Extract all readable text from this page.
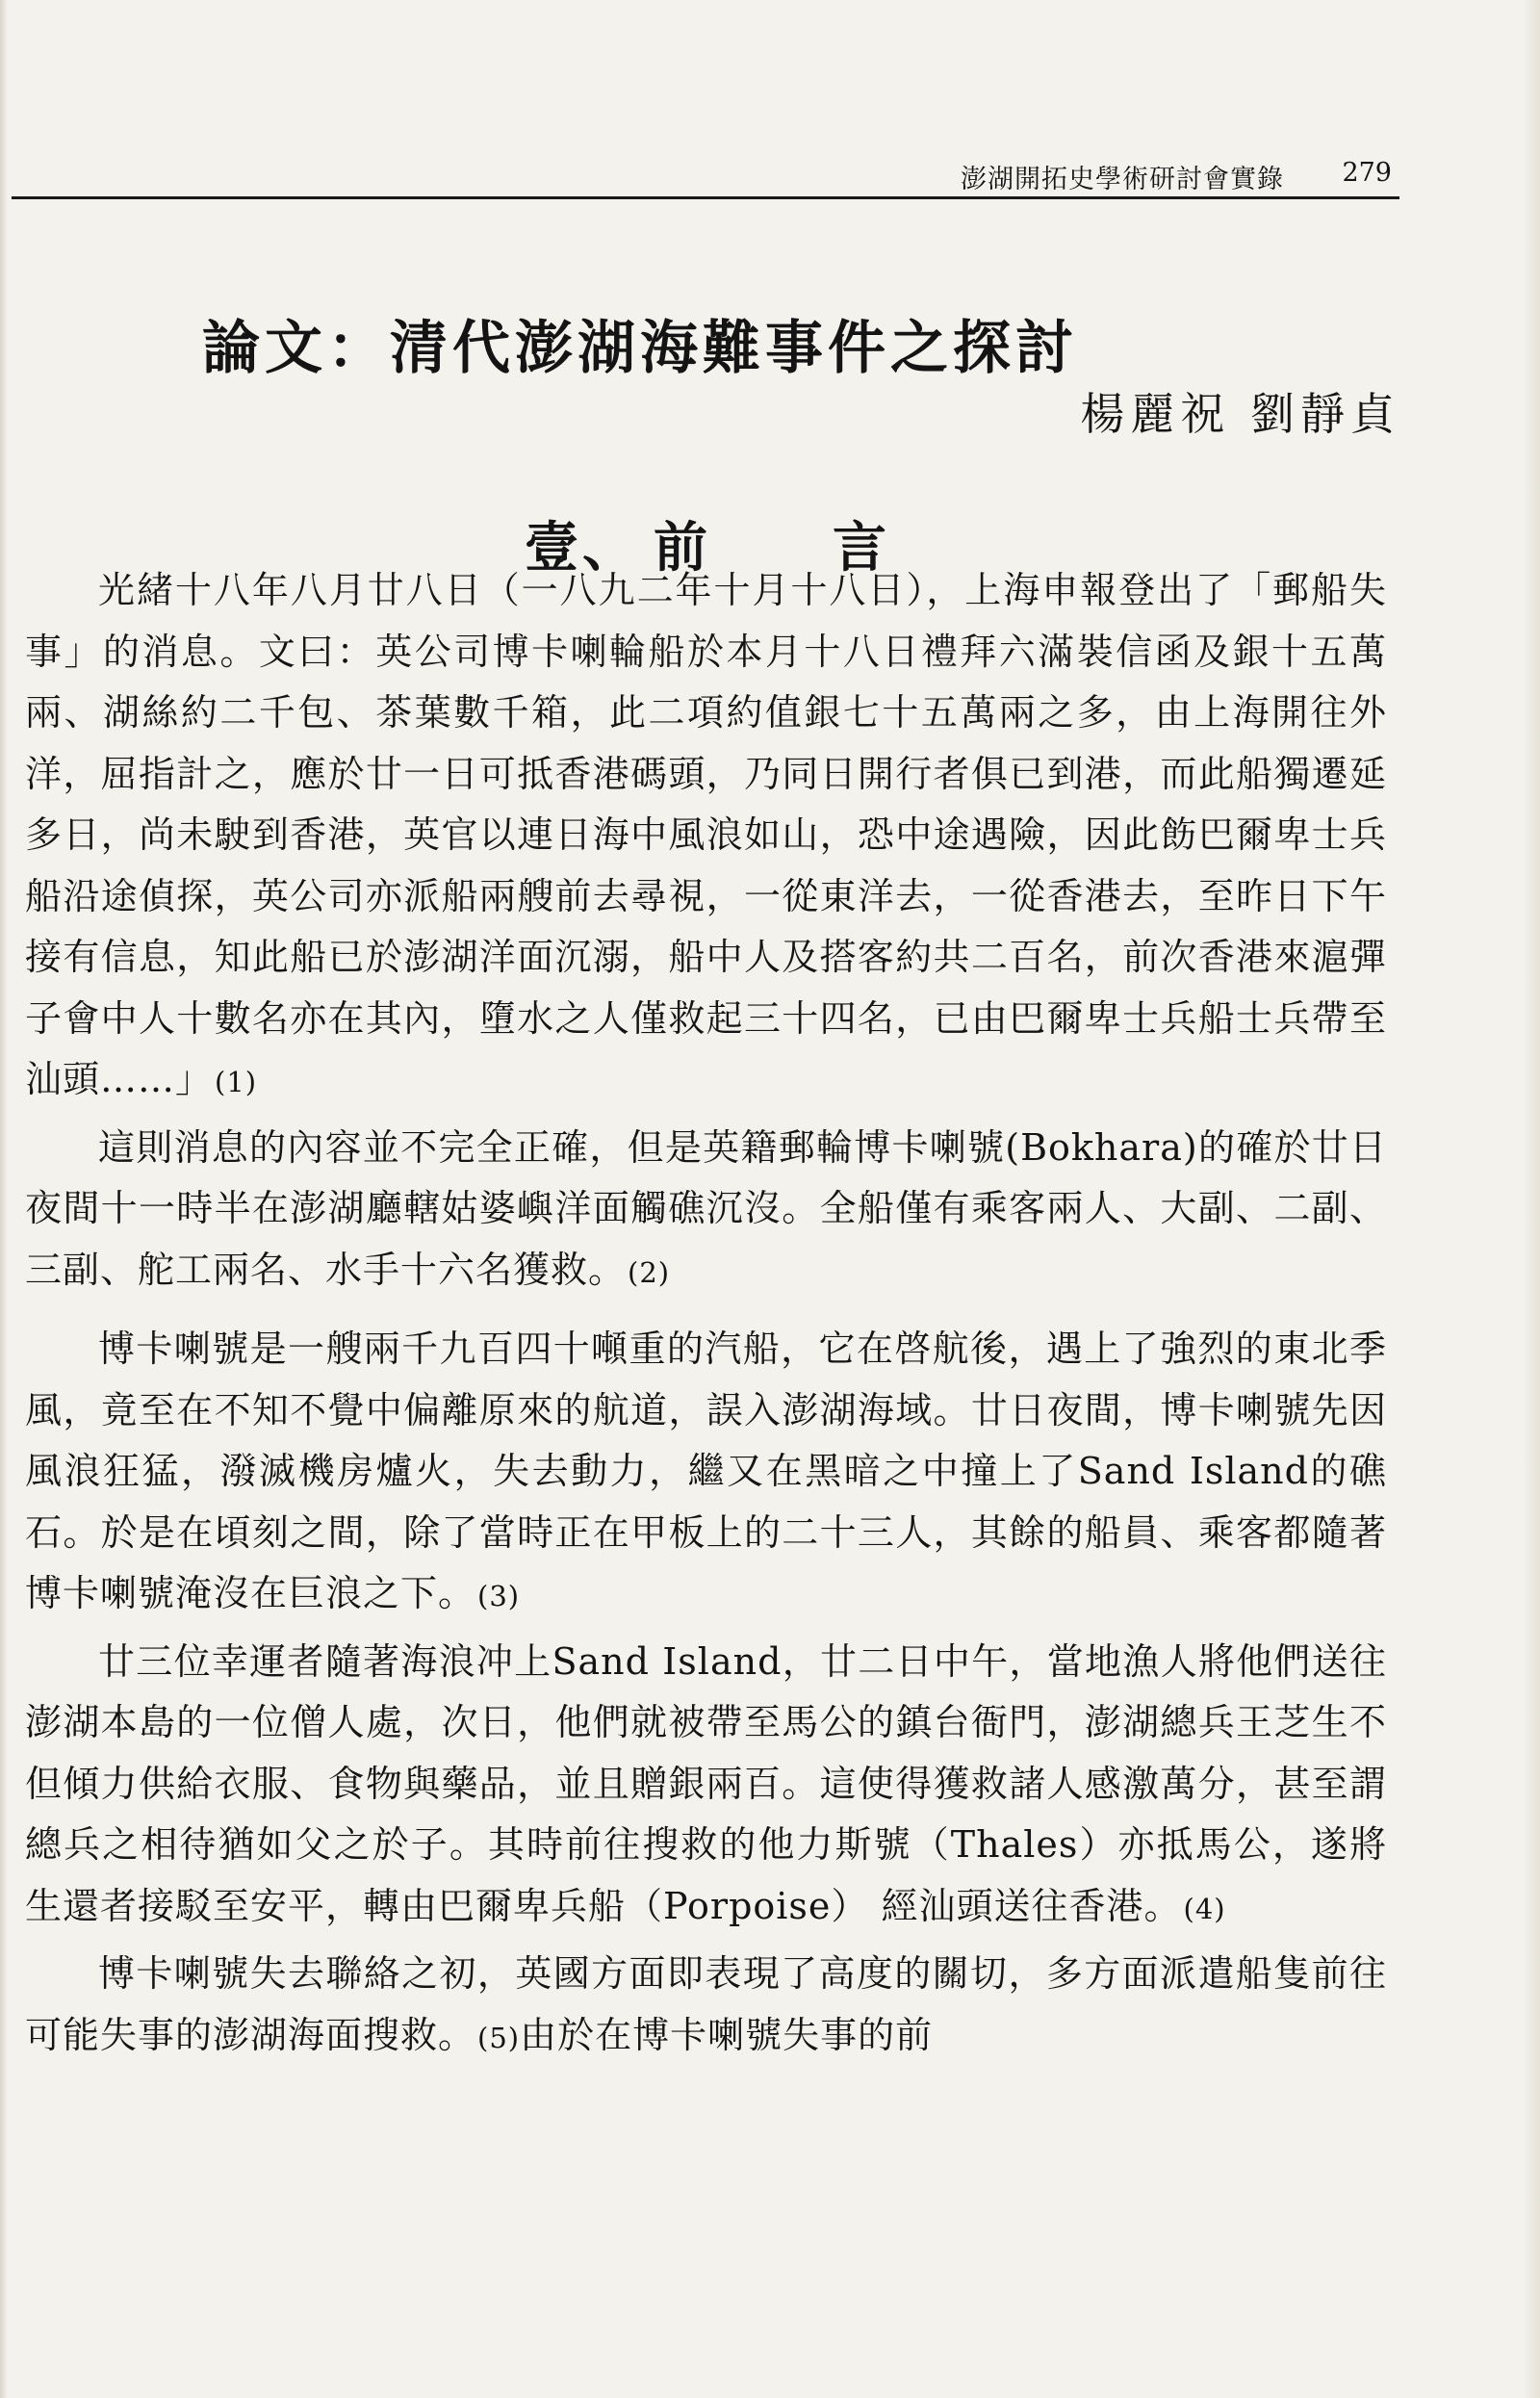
澎湖開拓史學術研討會實錄 279
論文：清代澎湖海難事件之探討
楊麗祝 劉靜貞
壹、 前 言

光緒十八年八月廿八日（一八九二年十月十八日），上海申報登出了「郵船失事」的消息。文曰：英公司博卡喇輪船於本月十八日禮拜六滿裝信函及銀十五萬兩、湖絲約二千包、茶葉數千箱，此二項約值銀七十五萬兩之多，由上海開往外洋，屈指計之，應於廿一日可抵香港碼頭，乃同日開行者俱已到港，而此船獨遷延多日，尚未駛到香港，英官以連日海中風浪如山，恐中途遇險，因此飭巴爾卑士兵船沿途偵探，英公司亦派船兩艘前去尋視，一從東洋去，一從香港去，至昨日下午接有信息，知此船已於澎湖洋面沉溺，船中人及搭客約共二百名，前次香港來滬彈子會中人十數名亦在其內，墮水之人僅救起三十四名，已由巴爾卑士兵船士兵帶至汕頭……」(1)

這則消息的內容並不完全正確，但是英籍郵輪博卡喇號(Bokhara)的確於廿日夜間十一時半在澎湖廳轄姑婆嶼洋面觸礁沉沒。全船僅有乘客兩人、大副、二副、三副、舵工兩名、水手十六名獲救。(2)

博卡喇號是一艘兩千九百四十噸重的汽船，它在啓航後，遇上了強烈的東北季風，竟至在不知不覺中偏離原來的航道，誤入澎湖海域。廿日夜間，博卡喇號先因風浪狂猛，潑滅機房爐火，失去動力，繼又在黑暗之中撞上了Sand Island的礁石。於是在頃刻之間，除了當時正在甲板上的二十三人，其餘的船員、乘客都隨著博卡喇號淹沒在巨浪之下。(3)

廿三位幸運者隨著海浪冲上Sand Island，廿二日中午，當地漁人將他們送往澎湖本島的一位僧人處，次日，他們就被帶至馬公的鎮台衙門，澎湖總兵王芝生不但傾力供給衣服、食物與藥品，並且贈銀兩百。這使得獲救諸人感激萬分，甚至謂總兵之相待猶如父之於子。其時前往搜救的他力斯號（Thales）亦抵馬公，遂將生還者接駁至安平，轉由巴爾卑兵船（Porpoise） 經汕頭送往香港。(4)

博卡喇號失去聯絡之初，英國方面即表現了高度的關切，多方面派遣船隻前往可能失事的澎湖海面搜救。(5)由於在博卡喇號失事的前
